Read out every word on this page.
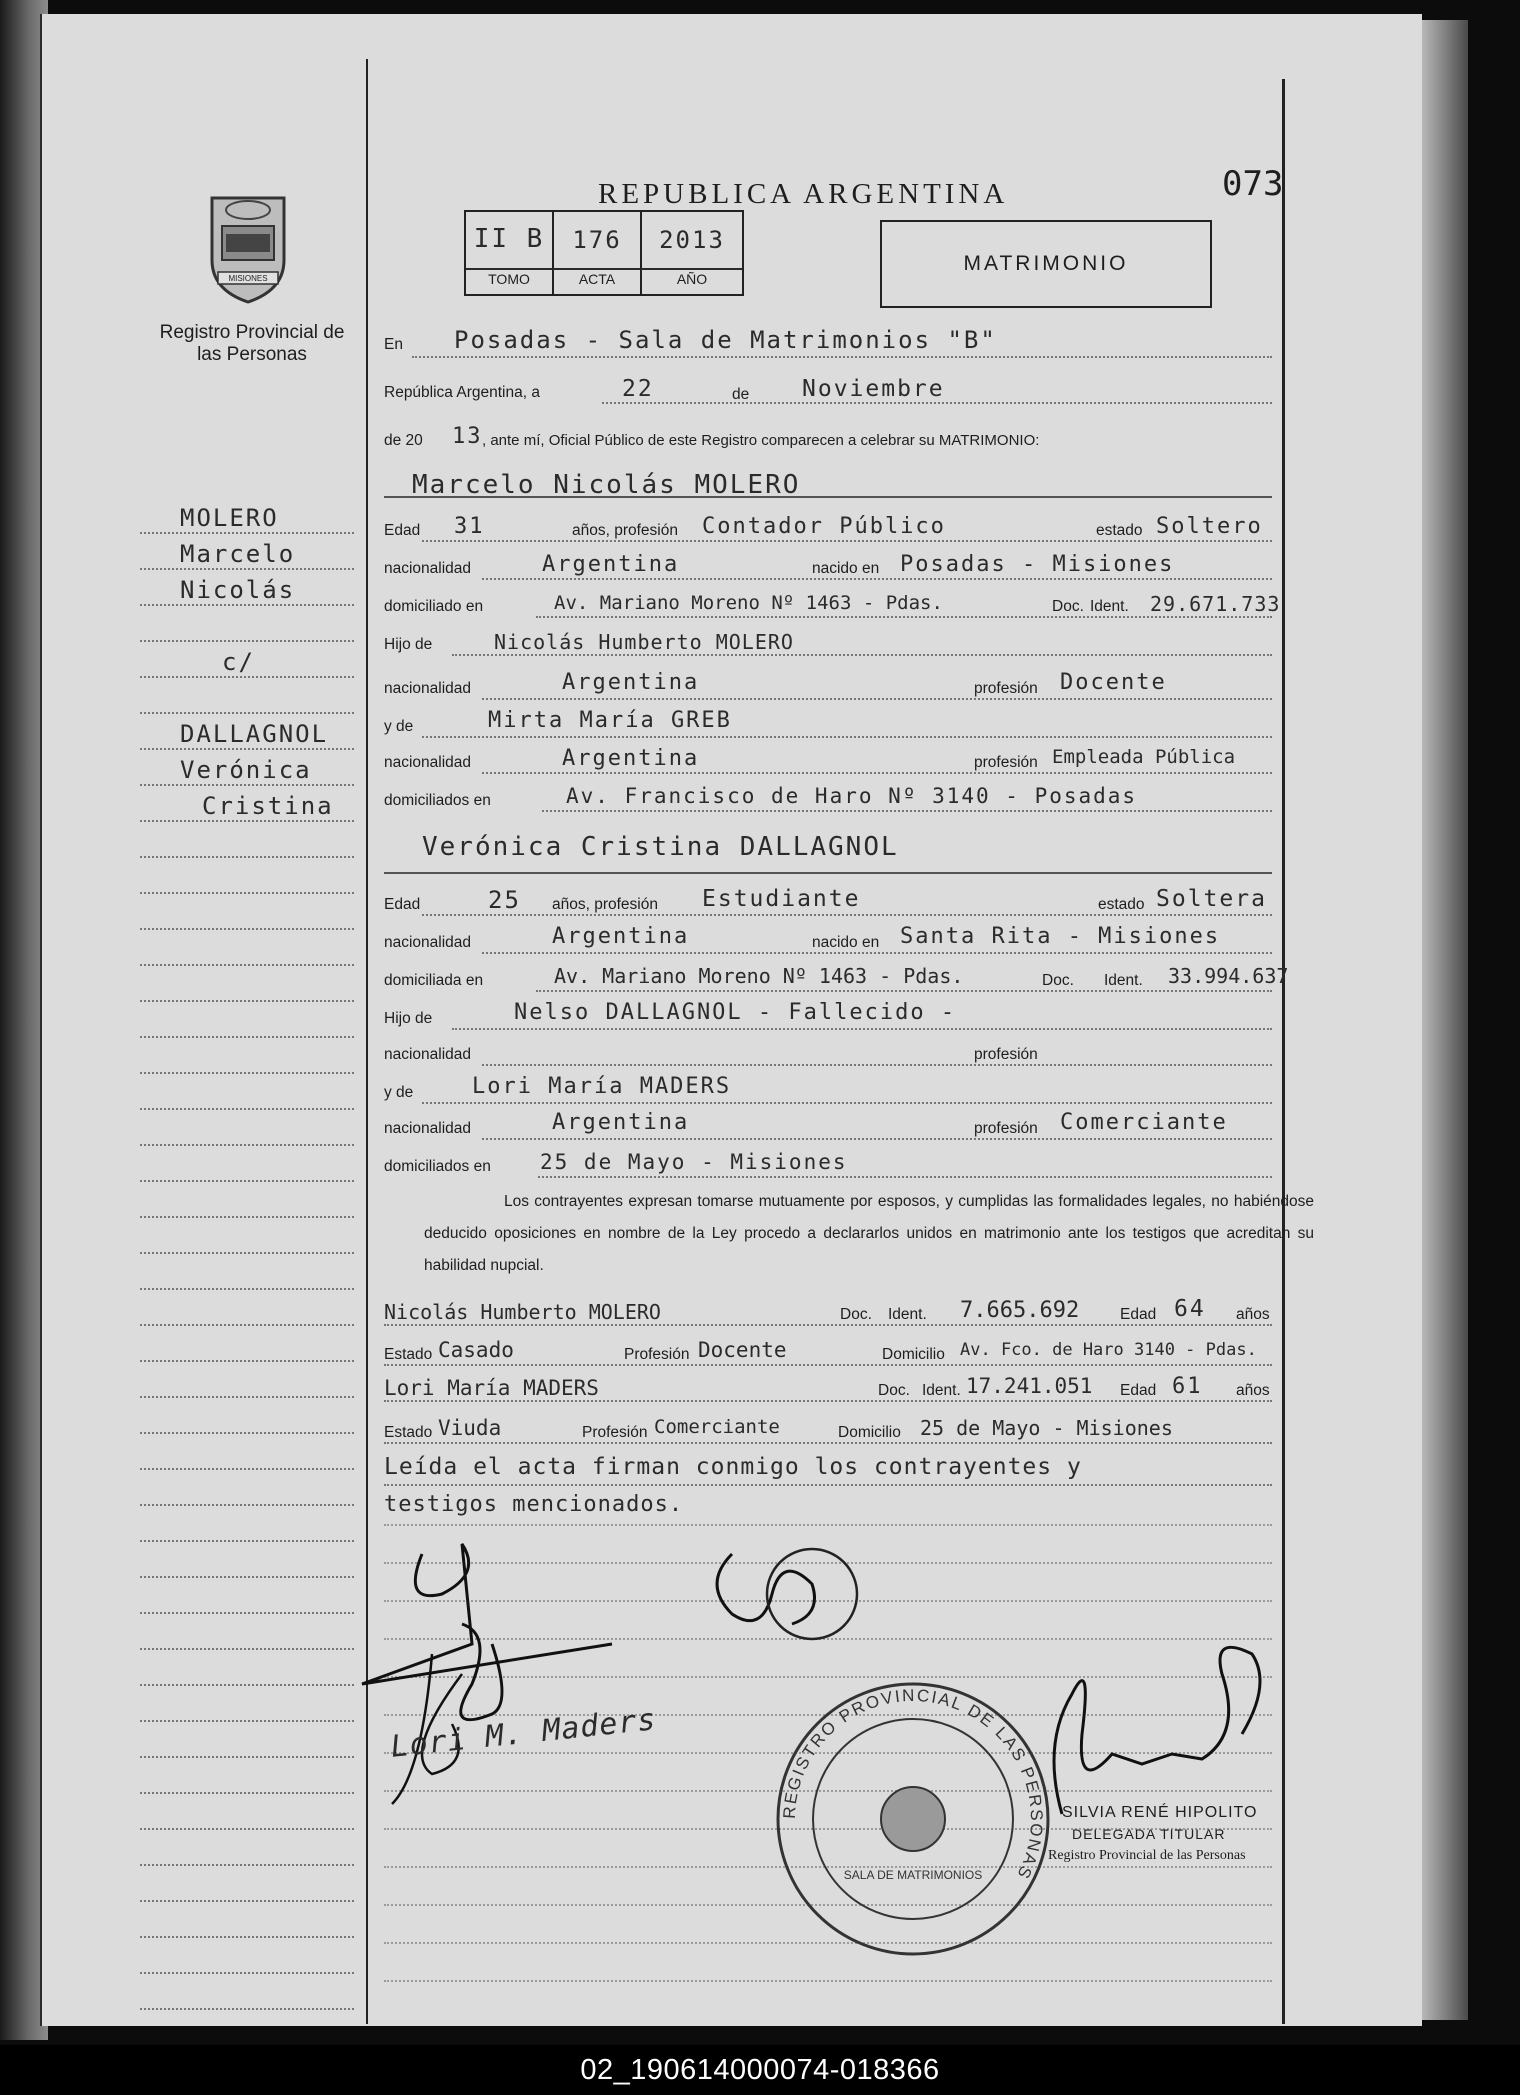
MISIONES
Registro Provincial de las Personas
REPUBLICA ARGENTINA	073
II B	176	2013
TOMO	ACTA	AÑO
MATRIMONIO
MOLERO
Marcelo
Nicolás
c/
DALLAGNOL
Verónica
Cristina
En Posadas - Sala de Matrimonios "B"
República Argentina, a	22	de Noviembre
de 20 13 , ante mí, Oficial Público de este Registro comparecen a celebrar su MATRIMONIO:
Marcelo Nicolás MOLERO
Edad 31	años, profesión Contador Público	estado Soltero
nacionalidad	Argentina	nacido en Posadas - Misiones
domiciliado en	Av. Mariano Moreno Nº 1463 - Pdas.	Doc. Ident. 29.671.733
Hijo de	Nicolás Humberto MOLERO
nacionalidad	Argentina	profesión Docente
y de	Mirta María GREB
nacionalidad	Argentina	profesión Empleada Pública
domiciliados en	Av. Francisco de Haro Nº 3140 - Posadas
Verónica Cristina DALLAGNOL
Edad	25 años, profesión Estudiante	estado Soltera
nacionalidad	Argentina	nacido en Santa Rita - Misiones
domiciliada en	Av. Mariano Moreno Nº 1463 - Pdas.	Doc. Ident. 33.994.637
Hijo de	Nelso DALLAGNOL - Fallecido -
nacionalidad	profesión
y de	Lori María MADERS
nacionalidad	Argentina	profesión Comerciante
domiciliados en 25 de Mayo - Misiones
Los contrayentes expresan tomarse mutuamente por esposos, y cumplidas las formalidades legales, no habiéndose deducido oposiciones en nombre de la Ley procedo a declararlos unidos en matrimonio ante los testigos que acreditan su habilidad nupcial.
Nicolás Humberto MOLERO	Doc. Ident. 7.665.692	Edad 64 años
Estado Casado	Profesión Docente	Domicilio Av. Fco. de Haro 3140 - Pdas.
Lori María MADERS	Doc. Ident. 17.241.051 Edad 61 años
Estado Viuda	Profesión Comerciante	Domicilio 25 de Mayo - Misiones
Leída el acta firman conmigo los contrayentes y
testigos mencionados.
Lori M. Maders
REGISTRO PROVINCIAL DE LAS PERSONAS
SALA DE MATRIMONIOS
SILVIA RENÉ HIPOLITO
DELEGADA TITULAR
Registro Provincial de las Personas
02_190614000074-018366
